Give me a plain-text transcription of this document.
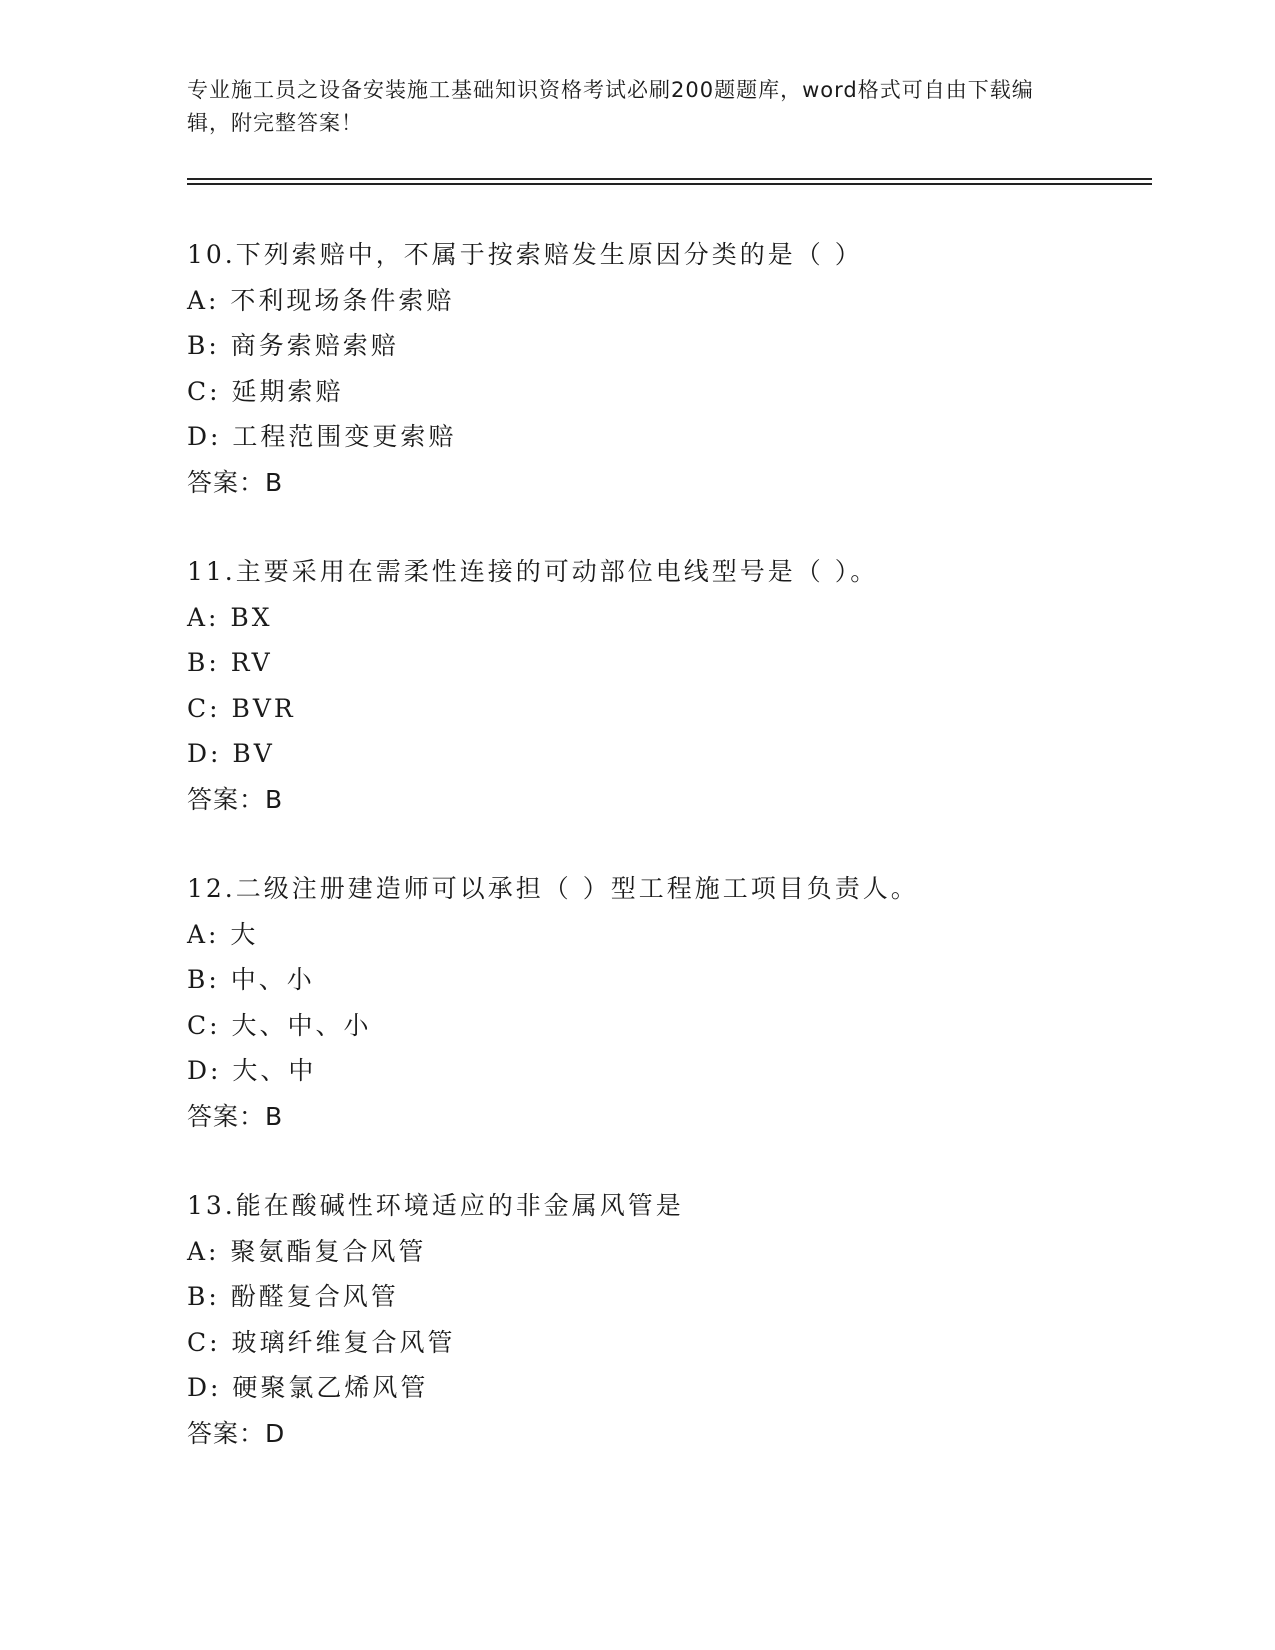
专业施工员之设备安装施工基础知识资格考试必刷200题题库，word格式可自由下载编辑，附完整答案！
10.下列索赔中，不属于按索赔发生原因分类的是（ ）
A: 不利现场条件索赔
B: 商务索赔索赔
C: 延期索赔
D: 工程范围变更索赔
答案：B
11.主要采用在需柔性连接的可动部位电线型号是（ ）。
A: BX
B: RV
C: BVR
D: BV
答案：B
12.二级注册建造师可以承担（ ）型工程施工项目负责人。
A: 大
B: 中、小
C: 大、中、小
D: 大、中
答案：B
13.能在酸碱性环境适应的非金属风管是
A: 聚氨酯复合风管
B: 酚醛复合风管
C: 玻璃纤维复合风管
D: 硬聚氯乙烯风管
答案：D
